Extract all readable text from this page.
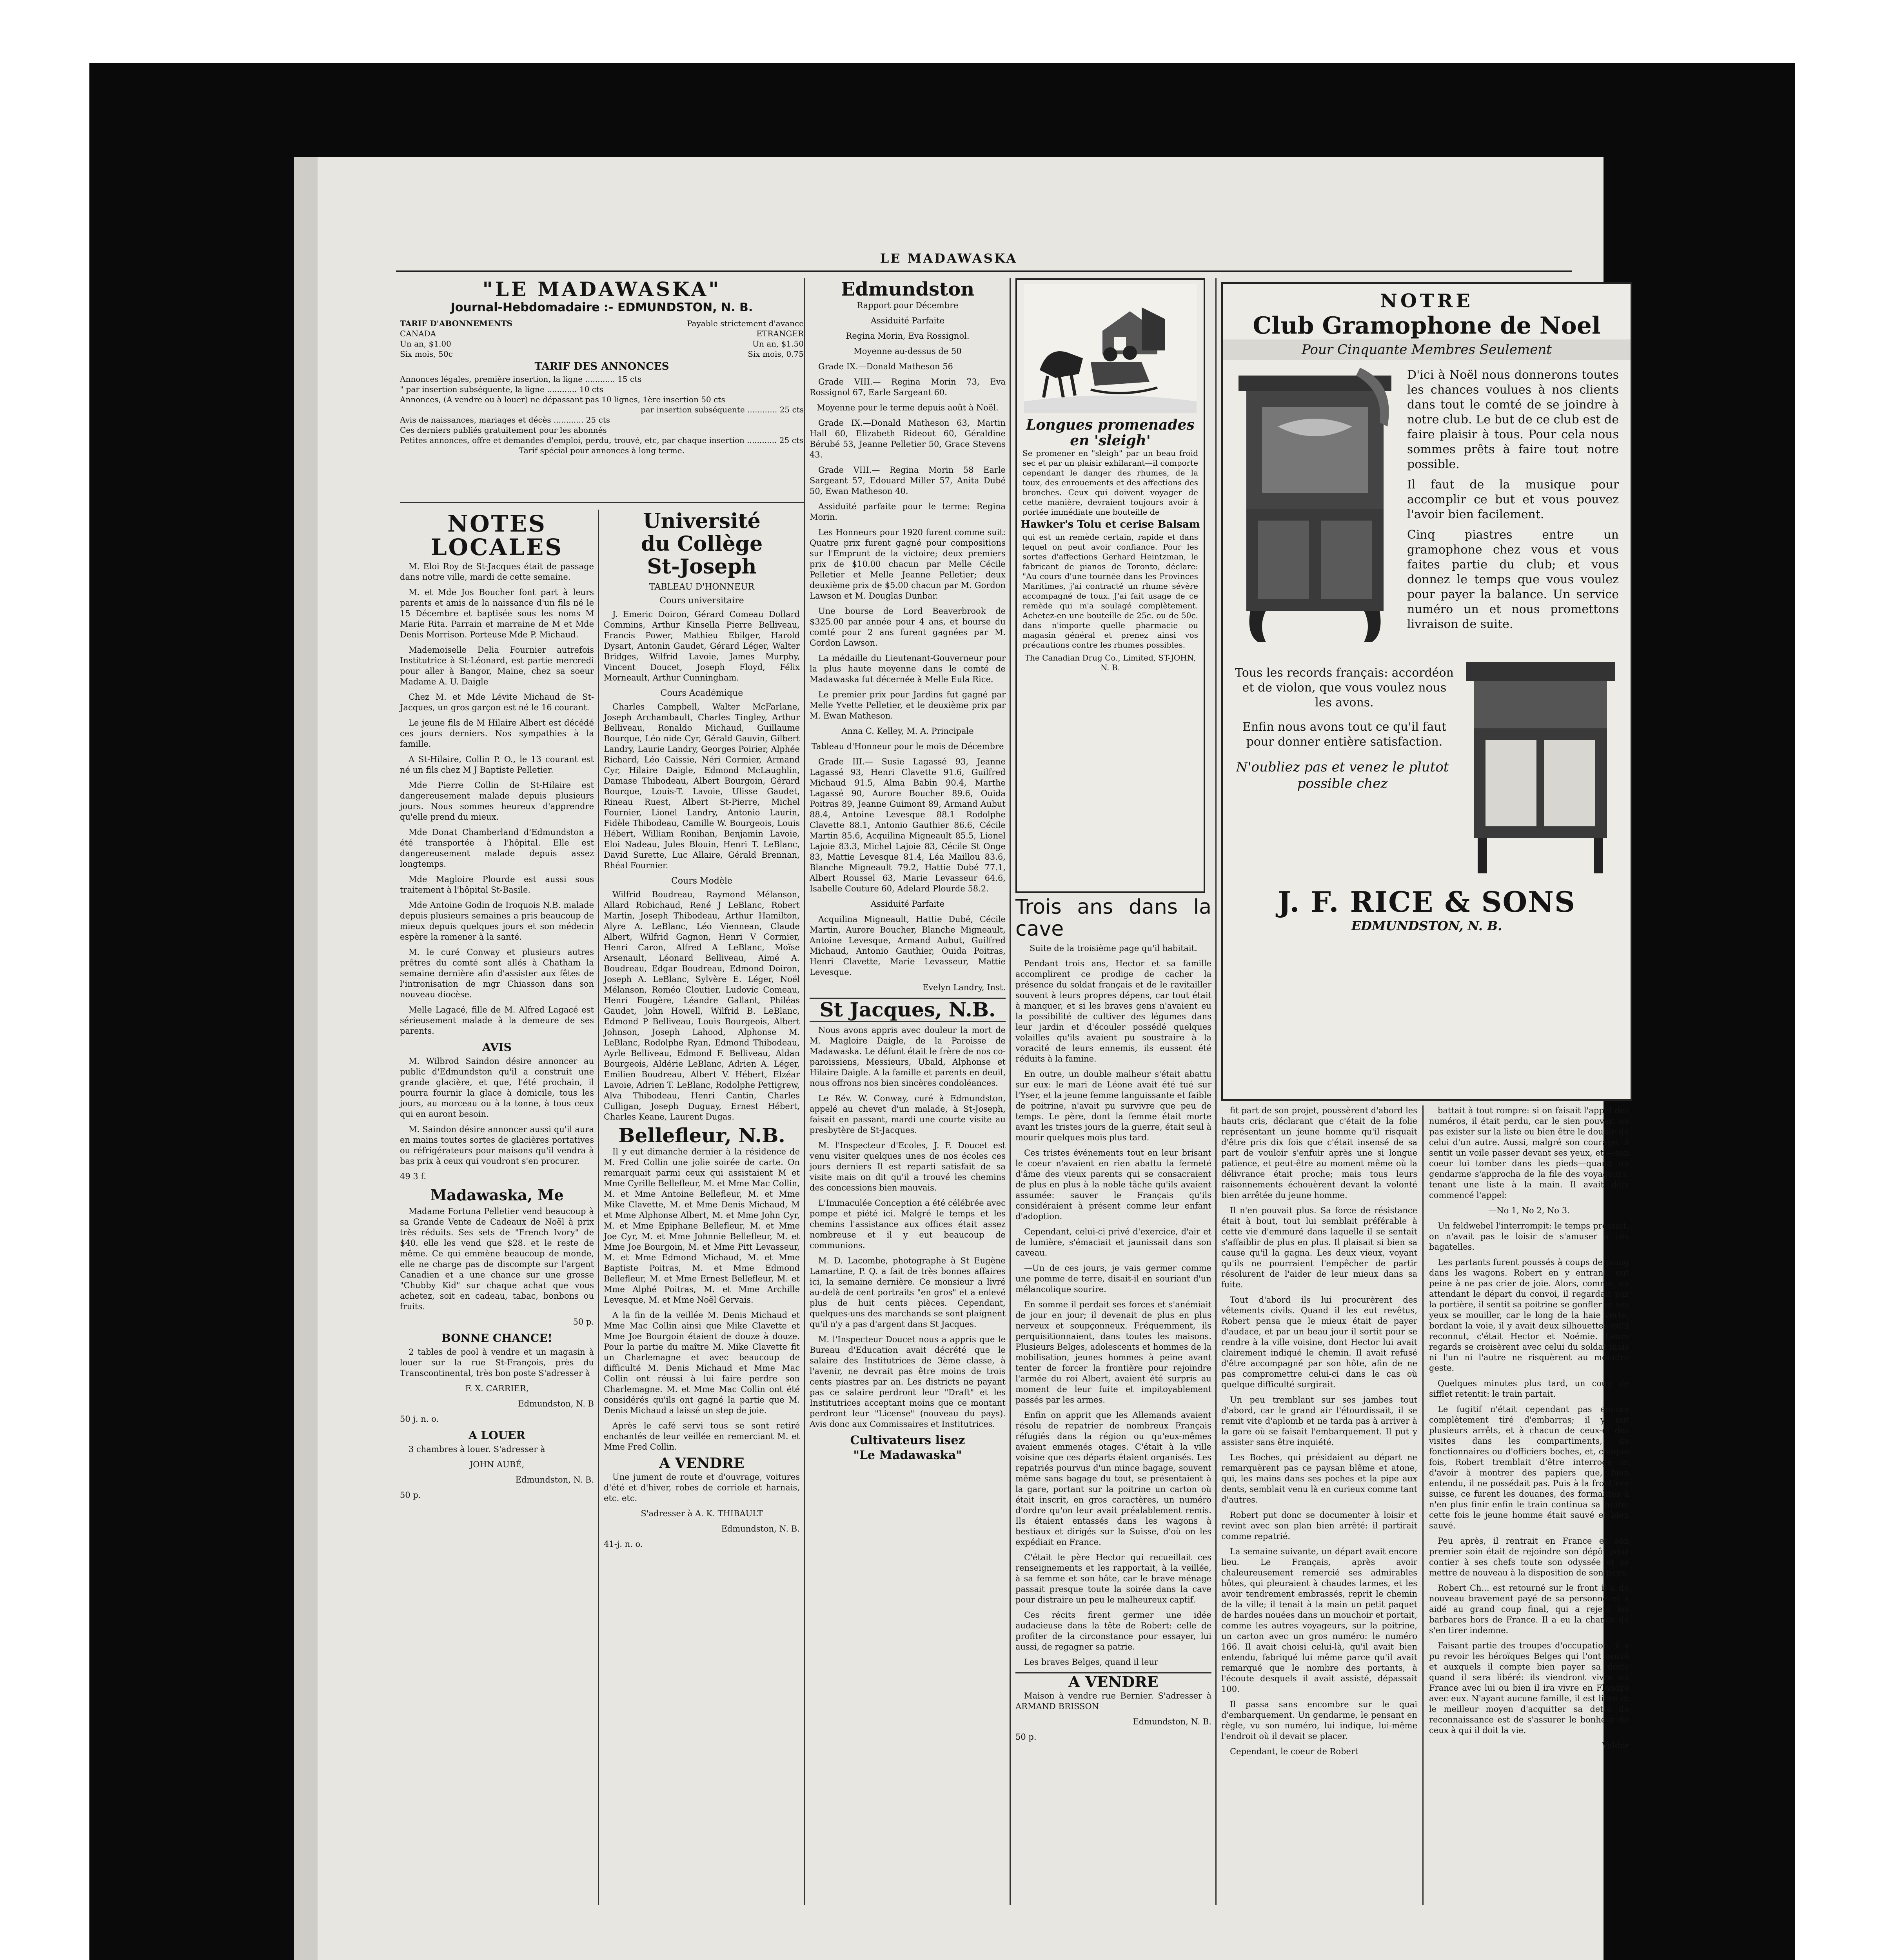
LE MADAWASKA
"LE MADAWASKA"
Journal-Hebdomadaire :- EDMUNDSTON, N. B.
TARIF D'ABONNEMENTS	Payable strictement d'avance
CANADA	ETRANGER
Un an, $1.00	Un an, $1.50
Six mois, 50c	Six mois, 0.75
TARIF DES ANNONCES
Annonces légales, première insertion, la ligne ............ 15 cts
" par insertion subséquente, la ligne ............ 10 cts
Annonces, (A vendre ou à louer) ne dépassant pas 10 lignes, 1ère insertion 50 cts
par insertion subséquente ............ 25 cts
Avis de naissances, mariages et décès ............ 25 cts
Ces derniers publiés gratuitement pour les abonnés
Petites annonces, offre et demandes d'emploi, perdu, trouvé, etc, par chaque insertion ............ 25 cts
Tarif spécial pour annonces à long terme.
NOTES LOCALES

M. Eloi Roy de St-Jacques était de passage dans notre ville, mardi de cette semaine.

M. et Mde Jos Boucher font part à leurs parents et amis de la naissance d'un fils né le 15 Décembre et baptisée sous les noms M Marie Rita. Parrain et marraine de M et Mde Denis Morrison. Porteuse Mde P. Michaud.

Mademoiselle Delia Fournier autrefois Institutrice à St-Léonard, est partie mercredi pour aller à Bangor, Maine, chez sa soeur Madame A. U. Daigle

Chez M. et Mde Lévite Michaud de St-Jacques, un gros garçon est né le 16 courant.

Le jeune fils de M Hilaire Albert est décédé ces jours derniers. Nos sympathies à la famille.

A St-Hilaire, Collin P. O., le 13 courant est né un fils chez M J Baptiste Pelletier.

Mde Pierre Collin de St-Hilaire est dangereusement malade depuis plusieurs jours. Nous sommes heureux d'apprendre qu'elle prend du mieux.

Mde Donat Chamberland d'Edmundston a été transportée à l'hôpital. Elle est dangereusement malade depuis assez longtemps.

Mde Magloire Plourde est aussi sous traitement à l'hôpital St-Basile.

Mde Antoine Godin de Iroquois N.B. malade depuis plusieurs semaines a pris beaucoup de mieux depuis quelques jours et son médecin espère la ramener à la santé.

M. le curé Conway et plusieurs autres prêtres du comté sont allés à Chatham la semaine dernière afin d'assister aux fêtes de l'intronisation de mgr Chiasson dans son nouveau diocèse.

Melle Lagacé, fille de M. Alfred Lagacé est sérieusement malade à la demeure de ses parents.

AVIS

M. Wilbrod Saindon désire annoncer au public d'Edmundston qu'il a construit une grande glacière, et que, l'été prochain, il pourra fournir la glace à domicile, tous les jours, au morceau ou à la tonne, à tous ceux qui en auront besoin.

M. Saindon désire annoncer aussi qu'il aura en mains toutes sortes de glacières portatives ou réfrigérateurs pour maisons qu'il vendra à bas prix à ceux qui voudront s'en procurer.

49 3 f.

Madawaska, Me

Madame Fortuna Pelletier vend beaucoup à sa Grande Vente de Cadeaux de Noël à prix très réduits. Ses sets de "French Ivory" de $40. elle les vend que $28. et le reste de même. Ce qui emmène beaucoup de monde, elle ne charge pas de discompte sur l'argent Canadien et a une chance sur une grosse "Chubby Kid" sur chaque achat que vous achetez, soit en cadeau, tabac, bonbons ou fruits.

50 p.

BONNE CHANCE!

2 tables de pool à vendre et un magasin à louer sur la rue St-François, près du Transcontinental, très bon poste S'adresser à

F. X. CARRIER,

Edmundston, N. B

50 j. n. o.

A LOUER

3 chambres à louer. S'adresser à

JOHN AUBÉ,

Edmundston, N. B.

50 p.

Université
du Collège
St-Joseph
TABLEAU D'HONNEUR
Cours universitaire

J. Emeric Doiron, Gérard Comeau Dollard Commins, Arthur Kinsella Pierre Belliveau, Francis Power, Mathieu Ebilger, Harold Dysart, Antonin Gaudet, Gérard Léger, Walter Bridges, Wilfrid Lavoie, James Murphy, Vincent Doucet, Joseph Floyd, Félix Morneault, Arthur Cunningham.

Cours Académique

Charles Campbell, Walter McFarlane, Joseph Archambault, Charles Tingley, Arthur Belliveau, Ronaldo Michaud, Guillaume Bourque, Léo nide Cyr, Gérald Gauvin, Gilbert Landry, Laurie Landry, Georges Poirier, Alphée Richard, Léo Caissie, Néri Cormier, Armand Cyr, Hilaire Daigle, Edmond McLaughlin, Damase Thibodeau, Albert Bourgoin, Gérard Bourque, Louis-T. Lavoie, Ulisse Gaudet, Rineau Ruest, Albert St-Pierre, Michel Fournier, Lionel Landry, Antonio Laurin, Fidèle Thibodeau, Camille W. Bourgeois, Louis Hébert, William Ronihan, Benjamin Lavoie, Eloi Nadeau, Jules Blouin, Henri T. LeBlanc, David Surette, Luc Allaire, Gérald Brennan, Rhéal Fournier.

Cours Modèle

Wilfrid Boudreau, Raymond Mélanson, Allard Robichaud, René J LeBlanc, Robert Martin, Joseph Thibodeau, Arthur Hamilton, Alyre A. LeBlanc, Léo Viennean, Claude Albert, Wilfrid Gagnon, Henri V Cormier, Henri Caron, Alfred A LeBlanc, Moïse Arsenault, Léonard Belliveau, Aimé A. Boudreau, Edgar Boudreau, Edmond Doiron, Joseph A. LeBlanc, Sylvère E. Léger, Noël Mélanson, Roméo Cloutier, Ludovic Comeau, Henri Fougère, Léandre Gallant, Philéas Gaudet, John Howell, Wilfrid B. LeBlanc, Edmond P Belliveau, Louis Bourgeois, Albert Johnson, Joseph Lahood, Alphonse M. LeBlanc, Rodolphe Ryan, Edmond Thibodeau, Ayrle Belliveau, Edmond F. Belliveau, Aldan Bourgeois, Aldérie LeBlanc, Adrien A. Léger, Emilien Boudreau, Albert V. Hébert, Elzéar Lavoie, Adrien T. LeBlanc, Rodolphe Pettigrew, Alva Thibodeau, Henri Cantin, Charles Culligan, Joseph Duguay, Ernest Hébert, Charles Keane, Laurent Dugas.

Bellefleur, N.B.

Il y eut dimanche dernier à la résidence de M. Fred Collin une jolie soirée de carte. On remarquait parmi ceux qui assistaient M et Mme Cyrille Bellefleur, M. et Mme Mac Collin, M. et Mme Antoine Bellefleur, M. et Mme Mike Clavette, M. et Mme Denis Michaud, M et Mme Alphonse Albert, M. et Mme John Cyr, M. et Mme Epiphane Bellefleur, M. et Mme Joe Cyr, M. et Mme Johnnie Bellefleur, M. et Mme Joe Bourgoin, M. et Mme Pitt Levasseur, M. et Mme Edmond Michaud, M. et Mme Baptiste Poitras, M. et Mme Edmond Bellefleur, M. et Mme Ernest Bellefleur, M. et Mme Alphé Poitras, M. et Mme Archille Levesque, M. et Mme Noël Gervais.

A la fin de la veillée M. Denis Michaud et Mme Mac Collin ainsi que Mike Clavette et Mme Joe Bourgoin étaient de douze à douze. Pour la partie du maître M. Mike Clavette fit un Charlemagne et avec beaucoup de difficulté M. Denis Michaud et Mme Mac Collin ont réussi à lui faire perdre son Charlemagne. M. et Mme Mac Collin ont été considérés qu'ils ont gagné la partie que M. Denis Michaud a laissé un step de joie.

Après le café servi tous se sont retiré enchantés de leur veillée en remerciant M. et Mme Fred Collin.

A VENDRE

Une jument de route et d'ouvrage, voitures d'été et d'hiver, robes de corriole et harnais, etc. etc.

S'adresser à A. K. THIBAULT

Edmundston, N. B.

41-j. n. o.

Edmundston

Rapport pour Décembre

Assiduité Parfaite

Regina Morin, Eva Rossignol.

Moyenne au-dessus de 50

Grade IX.—Donald Matheson 56

Grade VIII.— Regina Morin 73, Eva Rossignol 67, Earle Sargeant 60.

Moyenne pour le terme depuis août à Noël.

Grade IX.—Donald Matheson 63, Martin Hall 60, Elizabeth Rideout 60, Géraldine Bérubé 53, Jeanne Pelletier 50, Grace Stevens 43.

Grade VIII.— Regina Morin 58 Earle Sargeant 57, Edouard Miller 57, Anita Dubé 50, Ewan Matheson 40.

Assiduité parfaite pour le terme: Regina Morin.

Les Honneurs pour 1920 furent comme suit: Quatre prix furent gagné pour compositions sur l'Emprunt de la victoire; deux premiers prix de $10.00 chacun par Melle Cécile Pelletier et Melle Jeanne Pelletier; deux deuxième prix de $5.00 chacun par M. Gordon Lawson et M. Douglas Dunbar.

Une bourse de Lord Beaverbrook de $325.00 par année pour 4 ans, et bourse du comté pour 2 ans furent gagnées par M. Gordon Lawson.

La médaille du Lieutenant-Gouverneur pour la plus haute moyenne dans le comté de Madawaska fut décernée à Melle Eula Rice.

Le premier prix pour Jardins fut gagné par Melle Yvette Pelletier, et le deuxième prix par M. Ewan Matheson.

Anna C. Kelley, M. A. Principale

Tableau d'Honneur pour le mois de Décembre

Grade III.— Susie Lagassé 93, Jeanne Lagassé 93, Henri Clavette 91.6, Guilfred Michaud 91.5, Alma Babin 90.4, Marthe Lagassé 90, Aurore Boucher 89.6, Ouida Poitras 89, Jeanne Guimont 89, Armand Aubut 88.4, Antoine Levesque 88.1 Rodolphe Clavette 88.1, Antonio Gauthier 86.6, Cécile Martin 85.6, Acquilina Migneault 85.5, Lionel Lajoie 83.3, Michel Lajoie 83, Cécile St Onge 83, Mattie Levesque 81.4, Léa Maillou 83.6, Blanche Migneault 79.2, Hattie Dubé 77.1, Albert Roussel 63, Marie Levasseur 64.6, Isabelle Couture 60, Adelard Plourde 58.2.

Assiduité Parfaite

Acquilina Migneault, Hattie Dubé, Cécile Martin, Aurore Boucher, Blanche Migneault, Antoine Levesque, Armand Aubut, Guilfred Michaud, Antonio Gauthier, Ouida Poitras, Henri Clavette, Marie Levasseur, Mattie Levesque.

Evelyn Landry, Inst.

St Jacques, N.B.

Nous avons appris avec douleur la mort de M. Magloire Daigle, de la Paroisse de Madawaska. Le défunt était le frère de nos co-paroissiens, Messieurs, Ubald, Alphonse et Hilaire Daigle. A la famille et parents en deuil, nous offrons nos bien sincères condoléances.

Le Rév. W. Conway, curé à Edmundston, appelé au chevet d'un malade, à St-Joseph, faisait en passant, mardi une courte visite au presbytère de St-Jacques.

M. l'Inspecteur d'Ecoles, J. F. Doucet est venu visiter quelques unes de nos écoles ces jours derniers Il est reparti satisfait de sa visite mais on dit qu'il a trouvé les chemins des concessions bien mauvais.

L'Immaculée Conception a été célébrée avec pompe et piété ici. Malgré le temps et les chemins l'assistance aux offices était assez nombreuse et il y eut beaucoup de communions.

M. D. Lacombe, photographe à St Eugène Lamartine, P. Q. a fait de très bonnes affaires ici, la semaine dernière. Ce monsieur a livré au-delà de cent portraits "en gros" et a enlevé plus de huit cents pièces. Cependant, quelques-uns des marchands se sont plaignent qu'il n'y a pas d'argent dans St Jacques.

M. l'Inspecteur Doucet nous a appris que le Bureau d'Education avait décrété que le salaire des Institutrices de 3ème classe, à l'avenir, ne devrait pas être moins de trois cents piastres par an. Les districts ne payant pas ce salaire perdront leur "Draft" et les Institutrices acceptant moins que ce montant perdront leur "License" (nouveau du pays). Avis donc aux Commissaires et Institutrices.

Cultivateurs lisez
"Le Madawaska"
Longues promenades en 'sleigh'
Se promener en "sleigh" par un beau froid sec et par un plaisir exhilarant—il comporte cependant le danger des rhumes, de la toux, des enrouements et des affections des bronches. Ceux qui doivent voyager de cette manière, devraient toujours avoir à portée immédiate une bouteille de
Hawker's Tolu et cerise Balsam
qui est un remède certain, rapide et dans lequel on peut avoir confiance. Pour les sortes d'affections Gerhard Heintzman, le fabricant de pianos de Toronto, déclare: "Au cours d'une tournée dans les Provinces Maritimes, j'ai contracté un rhume sévère accompagné de toux. J'ai fait usage de ce remède qui m'a soulagé complètement. Achetez-en une bouteille de 25c. ou de 50c. dans n'importe quelle pharmacie ou magasin général et prenez ainsi vos précautions contre les rhumes possibles.
The Canadian Drug Co., Limited, ST-JOHN, N. B.
Trois ans dans la cave

Suite de la troisième page qu'il habitait.

Pendant trois ans, Hector et sa famille accomplirent ce prodige de cacher la présence du soldat français et de le ravitailler souvent à leurs propres dépens, car tout était à manquer, et si les braves gens n'avaient eu la possibilité de cultiver des légumes dans leur jardin et d'écouler possédé quelques volailles qu'ils avaient pu soustraire à la voracité de leurs ennemis, ils eussent été réduits à la famine.

En outre, un double malheur s'était abattu sur eux: le mari de Léone avait été tué sur l'Yser, et la jeune femme languissante et faible de poitrine, n'avait pu survivre que peu de temps. Le père, dont la femme était morte avant les tristes jours de la guerre, était seul à mourir quelques mois plus tard.

Ces tristes événements tout en leur brisant le coeur n'avaient en rien abattu la fermeté d'âme des vieux parents qui se consacraient de plus en plus à la noble tâche qu'ils avaient assumée: sauver le Français qu'ils considéraient à présent comme leur enfant d'adoption.

Cependant, celui-ci privé d'exercice, d'air et de lumière, s'émaciait et jaunissait dans son caveau.

—Un de ces jours, je vais germer comme une pomme de terre, disait-il en souriant d'un mélancolique sourire.

En somme il perdait ses forces et s'anémiait de jour en jour; il devenait de plus en plus nerveux et soupçonneux. Fréquemment, ils perquisitionnaient, dans toutes les maisons. Plusieurs Belges, adolescents et hommes de la mobilisation, jeunes hommes à peine avant tenter de forcer la frontière pour rejoindre l'armée du roi Albert, avaient été surpris au moment de leur fuite et impitoyablement passés par les armes.

Enfin on apprit que les Allemands avaient résolu de repatrier de nombreux Français réfugiés dans la région ou qu'eux-mêmes avaient emmenés otages. C'était à la ville voisine que ces départs étaient organisés. Les repatriés pourvus d'un mince bagage, souvent même sans bagage du tout, se présentaient à la gare, portant sur la poitrine un carton où était inscrit, en gros caractères, un numéro d'ordre qu'on leur avait préalablement remis. Ils étaient entassés dans les wagons à bestiaux et dirigés sur la Suisse, d'où on les expédiait en France.

C'était le père Hector qui recueillait ces renseignements et les rapportait, à la veillée, à sa femme et son hôte, car le brave ménage passait presque toute la soirée dans la cave pour distraire un peu le malheureux captif.

Ces récits firent germer une idée audacieuse dans la tête de Robert: celle de profiter de la circonstance pour essayer, lui aussi, de regagner sa patrie.

Les braves Belges, quand il leur

A VENDRE

Maison à vendre rue Bernier. S'adresser à ARMAND BRISSON

Edmundston, N. B.

50 p.

NOTRE
Club Gramophone de Noel
Pour Cinquante Membres Seulement
D'ici à Noël nous donnerons toutes les chances voulues à nos clients dans tout le comté de se joindre à notre club. Le but de ce club est de faire plaisir à tous. Pour cela nous sommes prêts à faire tout notre possible.
Il faut de la musique pour accomplir ce but et vous pouvez l'avoir bien facilement.
Cinq piastres entre un gramophone chez vous et vous faites partie du club; et vous donnez le temps que vous voulez pour payer la balance. Un service numéro un et nous promettons livraison de suite.
Tous les records français: accordéon et de violon, que vous voulez nous les avons.
Enfin nous avons tout ce qu'il faut pour donner entière satisfaction.
N'oubliez pas et venez le plutot possible chez
J. F. RICE & SONS
EDMUNDSTON, N. B.

fit part de son projet, poussèrent d'abord les hauts cris, déclarant que c'était de la folie représentant un jeune homme qu'il risquait d'être pris dix fois que c'était insensé de sa part de vouloir s'enfuir après une si longue patience, et peut-être au moment même où la délivrance était proche; mais tous leurs raisonnements échouèrent devant la volonté bien arrêtée du jeune homme.

Il n'en pouvait plus. Sa force de résistance était à bout, tout lui semblait préférable à cette vie d'emmuré dans laquelle il se sentait s'affaiblir de plus en plus. Il plaisait si bien sa cause qu'il la gagna. Les deux vieux, voyant qu'ils ne pourraient l'empêcher de partir résolurent de l'aider de leur mieux dans sa fuite.

Tout d'abord ils lui procurèrent des vêtements civils. Quand il les eut revêtus, Robert pensa que le mieux était de payer d'audace, et par un beau jour il sortit pour se rendre à la ville voisine, dont Hector lui avait clairement indiqué le chemin. Il avait refusé d'être accompagné par son hôte, afin de ne pas compromettre celui-ci dans le cas où quelque difficulté surgirait.

Un peu tremblant sur ses jambes tout d'abord, car le grand air l'étourdissait, il se remit vite d'aplomb et ne tarda pas à arriver à la gare où se faisait l'embarquement. Il put y assister sans être inquiété.

Les Boches, qui présidaient au départ ne remarquèrent pas ce paysan blême et atone, qui, les mains dans ses poches et la pipe aux dents, semblait venu là en curieux comme tant d'autres.

Robert put donc se documenter à loisir et revint avec son plan bien arrêté: il partirait comme repatrié.

La semaine suivante, un départ avait encore lieu. Le Français, après avoir chaleureusement remercié ses admirables hôtes, qui pleuraient à chaudes larmes, et les avoir tendrement embrassés, reprit le chemin de la ville; il tenait à la main un petit paquet de hardes nouées dans un mouchoir et portait, comme les autres voyageurs, sur la poitrine, un carton avec un gros numéro: le numéro 166. Il avait choisi celui-là, qu'il avait bien entendu, fabriqué lui même parce qu'il avait remarqué que le nombre des portants, à l'écoute desquels il avait assisté, dépassait 100.

Il passa sans encombre sur le quai d'embarquement. Un gendarme, le pensant en règle, vu son numéro, lui indique, lui-même l'endroit où il devait se placer.

Cependant, le coeur de Robert

battait à tout rompre: si on faisait l'appel des numéros, il était perdu, car le sien pouvait ne pas exister sur la liste ou bien être le double de celui d'un autre. Aussi, malgré son courage, il sentit un voile passer devant ses yeux, et,—son coeur lui tomber dans les pieds—quand un gendarme s'approcha de la file des voyageurs, tenant une liste à la main. Il avait déjà commencé l'appel:

—No 1, No 2, No 3.

Un feldwebel l'interrompit: le temps pressait, on n'avait pas le loisir de s'amuser à ces bagatelles.

Les partants furent poussés à coups de poing dans les wagons. Robert en y entrant, eut peine à ne pas crier de joie. Alors, comme, en attendant le départ du convoi, il regardait par la portière, il sentit sa poitrine se gonfler et ses yeux se mouiller, car le long de la haie verte, bordant la voie, il y avait deux silhouettes qu'il reconnut, c'était Hector et Noémie. Leurs regards se croisèrent avec celui du soldat mais ni l'un ni l'autre ne risquèrent au moindre geste.

Quelques minutes plus tard, un coup de sifflet retentit: le train partait.

Le fugitif n'était cependant pas encore complètement tiré d'embarras; il y eut plusieurs arrêts, et à chacun de ceux-ci des visites dans les compartiments, de fonctionnaires ou d'officiers boches, et, chaque fois, Robert tremblait d'être interrogé et d'avoir à montrer des papiers que, bien entendu, il ne possédait pas. Puis à la frontière suisse, ce furent les douanes, des formalités à n'en plus finir enfin le train continua sa route: cette fois le jeune homme était sauvé et bien sauvé.

Peu après, il rentrait en France et son premier soin était de rejoindre son dépôt pour contier à ses chefs toute son odyssée et se mettre de nouveau à la disposition de son pays.

Robert Ch... est retourné sur le front il a de nouveau bravement payé de sa personne et a aidé au grand coup final, qui a rejeté les barbares hors de France. Il a eu la chance de s'en tirer indemne.

Faisant partie des troupes d'occupation, il a pu revoir les héroïques Belges qui l'ont sauvé et auxquels il compte bien payer sa dette quand il sera libéré: ils viendront vivre en France avec lui ou bien il ira vivre en Flandre avec eux. N'ayant aucune famille, il est libre et le meilleur moyen d'acquitter sa dette de reconnaissance est de s'assurer le bonheur de ceux à qui il doit la vie.

Valdor
